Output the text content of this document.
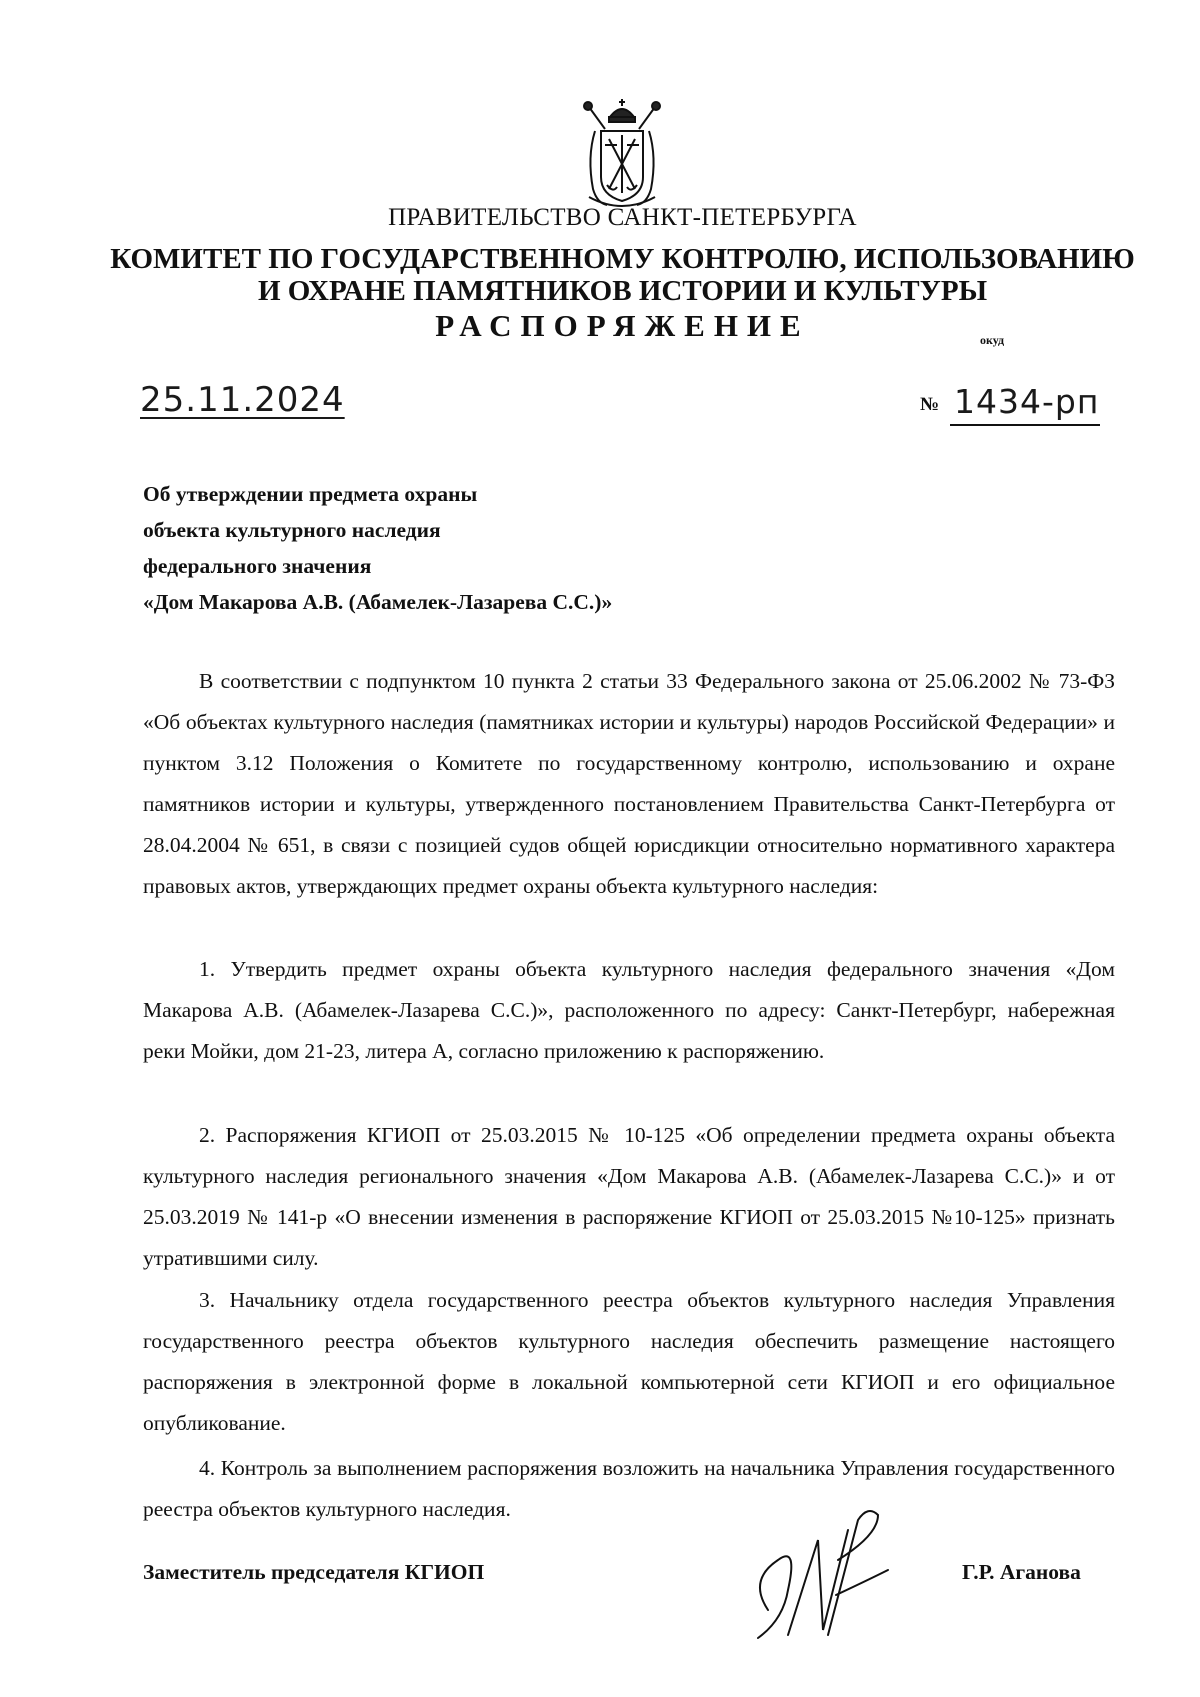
ПРАВИТЕЛЬСТВО САНКТ-ПЕТЕРБУРГА
КОМИТЕТ ПО ГОСУДАРСТВЕННОМУ КОНТРОЛЮ, ИСПОЛЬЗОВАНИЮ
И ОХРАНЕ ПАМЯТНИКОВ ИСТОРИИ И КУЛЬТУРЫ
РАСПОРЯЖЕНИЕ	окуд
25.11.2024	№ 1434-рп
Об утверждении предмета охраны
объекта культурного наследия
федерального значения
«Дом Макарова А.В. (Абамелек-Лазарева С.С.)»

В соответствии с подпунктом 10 пункта 2 статьи 33 Федерального закона от 25.06.2002 № 73-ФЗ «Об объектах культурного наследия (памятниках истории и культуры) народов Российской Федерации» и пунктом 3.12 Положения о Комитете по государственному контролю, использованию и охране памятников истории и культуры, утвержденного постановлением Правительства Санкт-Петербурга от 28.04.2004 № 651, в связи с позицией судов общей юрисдикции относительно нормативного характера правовых актов, утверждающих предмет охраны объекта культурного наследия:

1. Утвердить предмет охраны объекта культурного наследия федерального значения «Дом Макарова А.В. (Абамелек-Лазарева С.С.)», расположенного по адресу: Санкт-Петербург, набережная реки Мойки, дом 21-23, литера А, согласно приложению к распоряжению.

2. Распоряжения КГИОП от 25.03.2015 № 10-125 «Об определении предмета охраны объекта культурного наследия регионального значения «Дом Макарова А.В. (Абамелек-Лазарева С.С.)» и от 25.03.2019 № 141-р «О внесении изменения в распоряжение КГИОП от 25.03.2015 №10-125» признать утратившими силу.

3. Начальнику отдела государственного реестра объектов культурного наследия Управления государственного реестра объектов культурного наследия обеспечить размещение настоящего распоряжения в электронной форме в локальной компьютерной сети КГИОП и его официальное опубликование.

4. Контроль за выполнением распоряжения возложить на начальника Управления государственного реестра объектов культурного наследия.

Заместитель председателя КГИОП	Г.Р. Аганова
